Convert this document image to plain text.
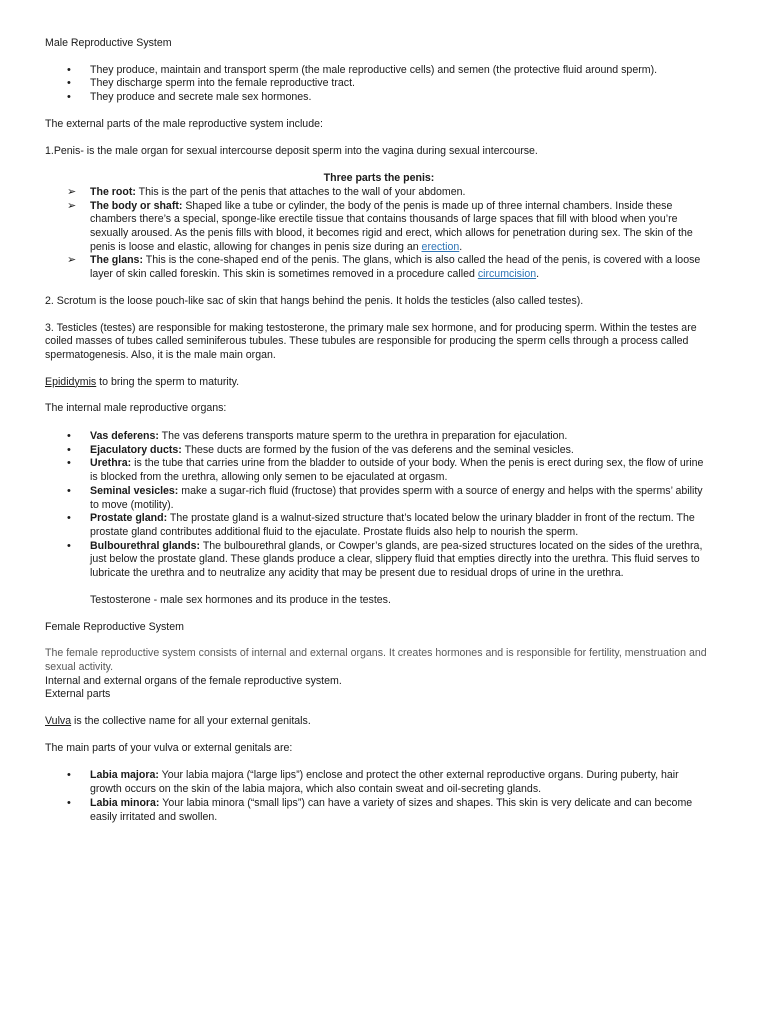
Male Reproductive System

• They produce, maintain and transport sperm (the male reproductive cells) and semen (the protective fluid around sperm).
• They discharge sperm into the female reproductive tract.
• They produce and secrete male sex hormones.

The external parts of the male reproductive system include:

1.Penis- is the male organ for sexual intercourse deposit sperm into the vagina during sexual intercourse.

Three parts the penis:

➢ The root: This is the part of the penis that attaches to the wall of your abdomen.
➢ The body or shaft: Shaped like a tube or cylinder, the body of the penis is made up of three internal chambers. Inside these chambers there’s a special, sponge-like erectile tissue that contains thousands of large spaces that fill with blood when you’re sexually aroused. As the penis fills with blood, it becomes rigid and erect, which allows for penetration during sex. The skin of the penis is loose and elastic, allowing for changes in penis size during an erection.
➢ The glans: This is the cone-shaped end of the penis. The glans, which is also called the head of the penis, is covered with a loose layer of skin called foreskin. This skin is sometimes removed in a procedure called circumcision.

2. Scrotum is the loose pouch-like sac of skin that hangs behind the penis. It holds the testicles (also called testes).

3. Testicles (testes) are responsible for making testosterone, the primary male sex hormone, and for producing sperm. Within the testes are coiled masses of tubes called seminiferous tubules. These tubules are responsible for producing the sperm cells through a process called spermatogenesis. Also, it is the male main organ.

Epididymis to bring the sperm to maturity.

The internal male reproductive organs:

• Vas deferens: The vas deferens transports mature sperm to the urethra in preparation for ejaculation.
• Ejaculatory ducts: These ducts are formed by the fusion of the vas deferens and the seminal vesicles.
• Urethra: is the tube that carries urine from the bladder to outside of your body. When the penis is erect during sex, the flow of urine is blocked from the urethra, allowing only semen to be ejaculated at orgasm.
• Seminal vesicles: make a sugar-rich fluid (fructose) that provides sperm with a source of energy and helps with the sperms’ ability to move (motility).
• Prostate gland: The prostate gland is a walnut-sized structure that’s located below the urinary bladder in front of the rectum. The prostate gland contributes additional fluid to the ejaculate. Prostate fluids also help to nourish the sperm.
• Bulbourethral glands: The bulbourethral glands, or Cowper’s glands, are pea-sized structures located on the sides of the urethra, just below the prostate gland. These glands produce a clear, slippery fluid that empties directly into the urethra. This fluid serves to lubricate the urethra and to neutralize any acidity that may be present due to residual drops of urine in the urethra.

Testosterone - male sex hormones and its produce in the testes.

Female Reproductive System

The female reproductive system consists of internal and external organs. It creates hormones and is responsible for fertility, menstruation and sexual activity.

Internal and external organs of the female reproductive system.

External parts

Vulva is the collective name for all your external genitals.

The main parts of your vulva or external genitals are:

• Labia majora: Your labia majora (“large lips”) enclose and protect the other external reproductive organs. During puberty, hair growth occurs on the skin of the labia majora, which also contain sweat and oil-secreting glands.
• Labia minora: Your labia minora (“small lips”) can have a variety of sizes and shapes. This skin is very delicate and can become easily irritated and swollen.
